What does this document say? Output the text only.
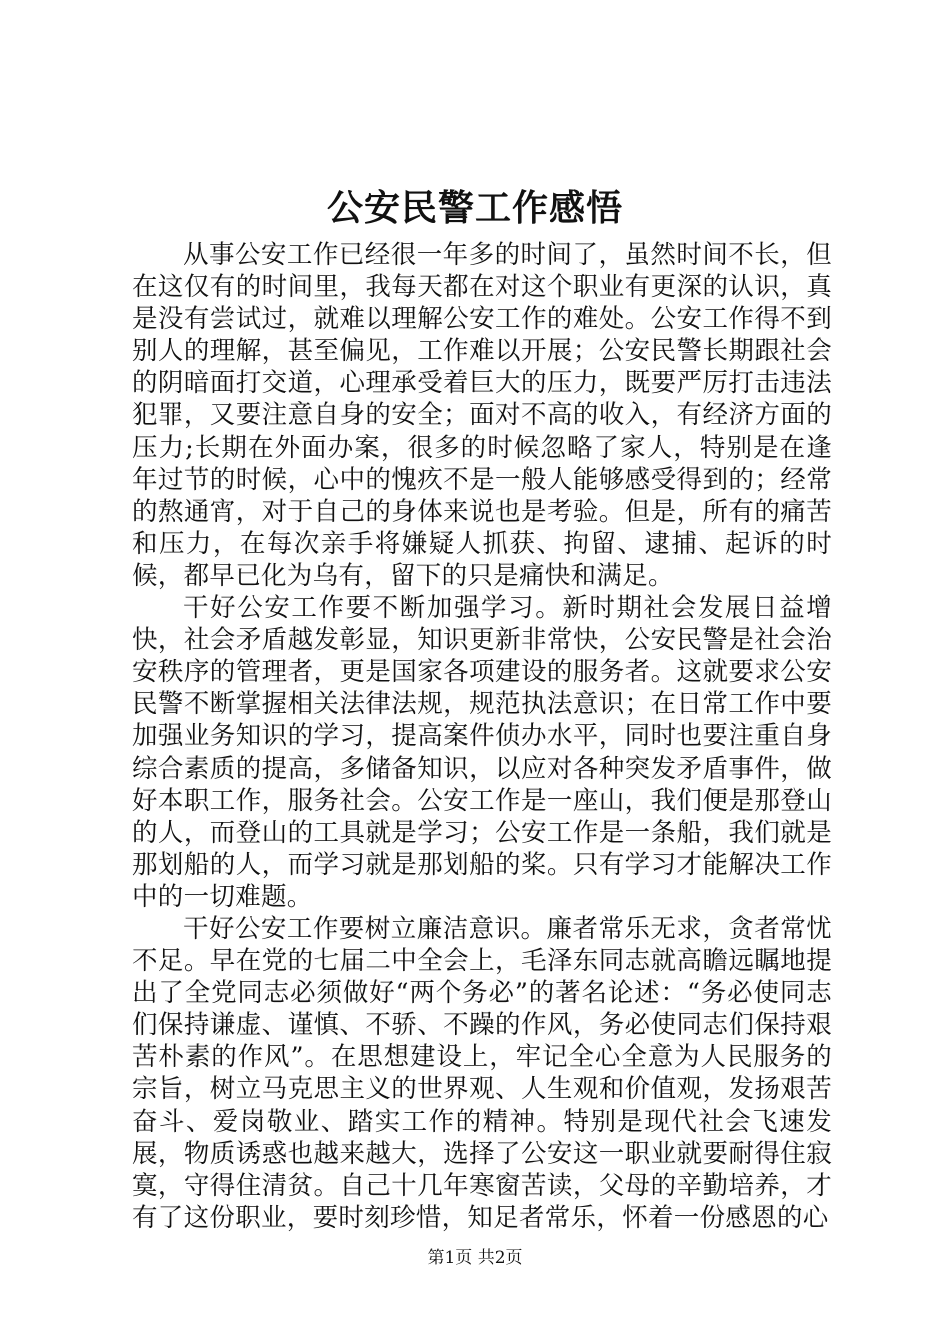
公安民警工作感悟

从事公安工作已经很一年多的时间了，虽然时间不长，但在这仅有的时间里，我每天都在对这个职业有更深的认识，真是没有尝试过，就难以理解公安工作的难处。公安工作得不到别人的理解，甚至偏见，工作难以开展；公安民警长期跟社会的阴暗面打交道，心理承受着巨大的压力，既要严厉打击违法犯罪，又要注意自身的安全；面对不高的收入，有经济方面的压力;长期在外面办案，很多的时候忽略了家人，特别是在逢年过节的时候，心中的愧疚不是一般人能够感受得到的；经常的熬通宵，对于自己的身体来说也是考验。但是，所有的痛苦和压力，在每次亲手将嫌疑人抓获、拘留、逮捕、起诉的时候，都早已化为乌有，留下的只是痛快和满足。

干好公安工作要不断加强学习。新时期社会发展日益增快，社会矛盾越发彰显，知识更新非常快，公安民警是社会治安秩序的管理者，更是国家各项建设的服务者。这就要求公安民警不断掌握相关法律法规，规范执法意识；在日常工作中要加强业务知识的学习，提高案件侦办水平，同时也要注重自身综合素质的提高，多储备知识，以应对各种突发矛盾事件，做好本职工作，服务社会。公安工作是一座山，我们便是那登山的人，而登山的工具就是学习；公安工作是一条船，我们就是那划船的人，而学习就是那划船的桨。只有学习才能解决工作中的一切难题。

干好公安工作要树立廉洁意识。廉者常乐无求，贪者常忧不足。早在党的七届二中全会上，毛泽东同志就高瞻远瞩地提出了全党同志必须做好“两个务必”的著名论述：“务必使同志们保持谦虚、谨慎、不骄、不躁的作风，务必使同志们保持艰苦朴素的作风”。在思想建设上，牢记全心全意为人民服务的宗旨，树立马克思主义的世界观、人生观和价值观，发扬艰苦奋斗、爱岗敬业、踏实工作的精神。特别是现代社会飞速发展，物质诱惑也越来越大，选择了公安这一职业就要耐得住寂寞，守得住清贫。自己十几年寒窗苦读，父母的辛勤培养，才有了这份职业，要时刻珍惜，知足者常乐，怀着一份感恩的心

第1页 共2页
